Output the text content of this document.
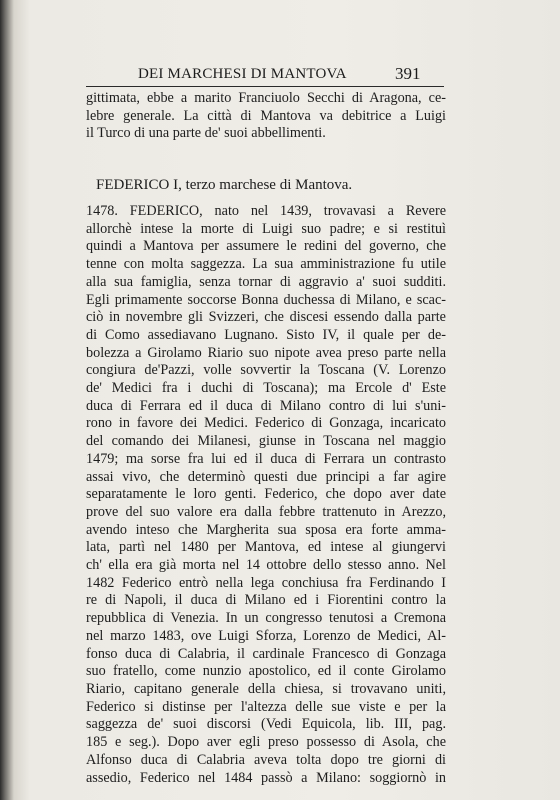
DEI MARCHESI DI MANTOVA	391
gittimata, ebbe a marito Franciuolo Secchi di Aragona, ce-
lebre generale. La città di Mantova va debitrice a Luigi
il Turco di una parte de' suoi abbellimenti.
FEDERICO I, terzo marchese di Mantova.
1478. FEDERICO, nato nel 1439, trovavasi a Revere
allorchè intese la morte di Luigi suo padre; e si restituì
quindi a Mantova per assumere le redini del governo, che
tenne con molta saggezza. La sua amministrazione fu utile
alla sua famiglia, senza tornar di aggravio a' suoi sudditi.
Egli primamente soccorse Bonna duchessa di Milano, e scac-
ciò in novembre gli Svizzeri, che discesi essendo dalla parte
di Como assediavano Lugnano. Sisto IV, il quale per de-
bolezza a Girolamo Riario suo nipote avea preso parte nella
congiura de'Pazzi, volle sovvertir la Toscana (V. Lorenzo
de' Medici fra i duchi di Toscana); ma Ercole d' Este
duca di Ferrara ed il duca di Milano contro di lui s'uni-
rono in favore dei Medici. Federico di Gonzaga, incaricato
del comando dei Milanesi, giunse in Toscana nel maggio
1479; ma sorse fra lui ed il duca di Ferrara un contrasto
assai vivo, che determinò questi due principi a far agire
separatamente le loro genti. Federico, che dopo aver date
prove del suo valore era dalla febbre trattenuto in Arezzo,
avendo inteso che Margherita sua sposa era forte amma-
lata, partì nel 1480 per Mantova, ed intese al giungervi
ch' ella era già morta nel 14 ottobre dello stesso anno. Nel
1482 Federico entrò nella lega conchiusa fra Ferdinando I
re di Napoli, il duca di Milano ed i Fiorentini contro la
repubblica di Venezia. In un congresso tenutosi a Cremona
nel marzo 1483, ove Luigi Sforza, Lorenzo de Medici, Al-
fonso duca di Calabria, il cardinale Francesco di Gonzaga
suo fratello, come nunzio apostolico, ed il conte Girolamo
Riario, capitano generale della chiesa, si trovavano uniti,
Federico si distinse per l'altezza delle sue viste e per la
saggezza de' suoi discorsi (Vedi Equicola, lib. III, pag.
185 e seg.). Dopo aver egli preso possesso di Asola, che
Alfonso duca di Calabria aveva tolta dopo tre giorni di
assedio, Federico nel 1484 passò a Milano: soggiornò in
